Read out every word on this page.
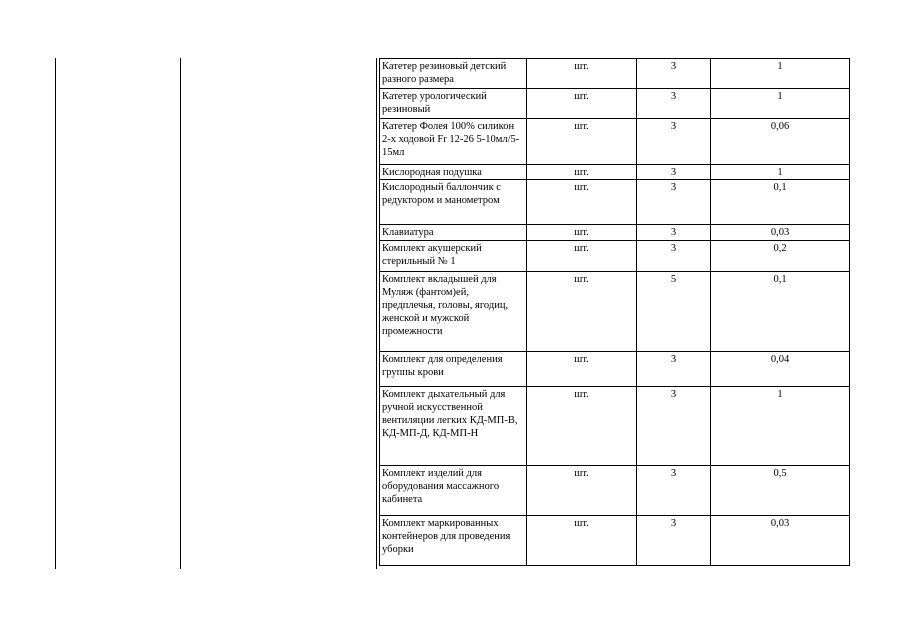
Катетер резиновый детский разного размера	шт.	3	1
Катетер урологический резиновый	шт.	3	1
Катетер Фолея 100% силикон 2-х ходовой Fr 12-26 5-10мл/5-15мл	шт.	3	0,06
Кислородная подушка	шт.	3	1
Кислородный баллончик с редуктором и манометром	шт.	3	0,1
Клавиатура	шт.	3	0,03
Комплект акушерский стерильный № 1	шт.	3	0,2
Комплект вкладышей для Муляж (фантом)ей, предплечья, головы, ягодиц, женской и мужской промежности	шт.	5	0,1
Комплект для определения группы крови	шт.	3	0,04
Комплект дыхательный для ручной искусственной вентиляции легких КД-МП-В, КД-МП-Д, КД-МП-Н	шт.	3	1
Комплект изделий для оборудования массажного кабинета	шт.	3	0,5
Комплект маркированных контейнеров для проведения уборки	шт.	3	0,03
